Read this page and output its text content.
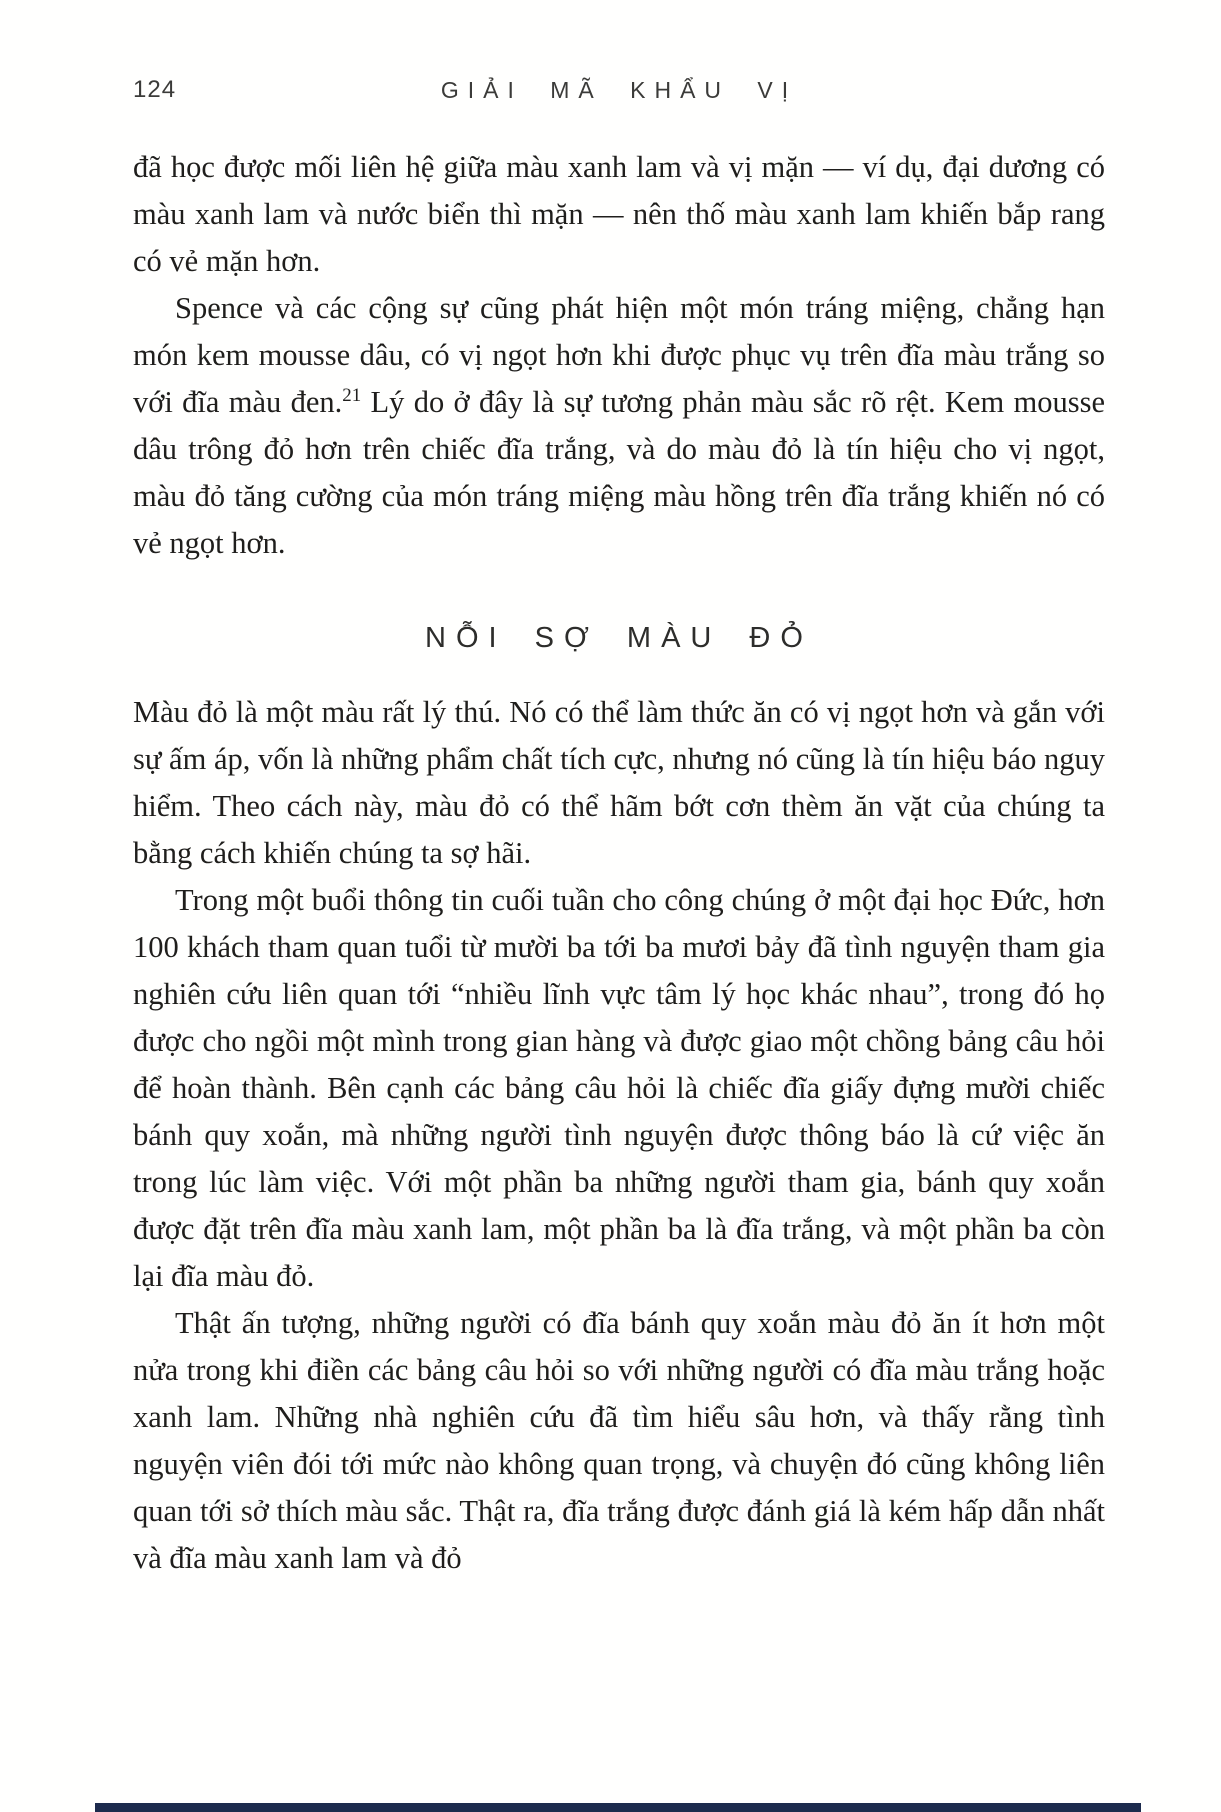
124	GIẢI MÃ KHẨU VỊ

đã học được mối liên hệ giữa màu xanh lam và vị mặn — ví dụ, đại dương có màu xanh lam và nước biển thì mặn — nên thố màu xanh lam khiến bắp rang có vẻ mặn hơn.

Spence và các cộng sự cũng phát hiện một món tráng miệng, chẳng hạn món kem mousse dâu, có vị ngọt hơn khi được phục vụ trên đĩa màu trắng so với đĩa màu đen.$^{21}$ Lý do ở đây là sự tương phản màu sắc rõ rệt. Kem mousse dâu trông đỏ hơn trên chiếc đĩa trắng, và do màu đỏ là tín hiệu cho vị ngọt, màu đỏ tăng cường của món tráng miệng màu hồng trên đĩa trắng khiến nó có vẻ ngọt hơn.

NỖI SỢ MÀU ĐỎ

Màu đỏ là một màu rất lý thú. Nó có thể làm thức ăn có vị ngọt hơn và gắn với sự ấm áp, vốn là những phẩm chất tích cực, nhưng nó cũng là tín hiệu báo nguy hiểm. Theo cách này, màu đỏ có thể hãm bớt cơn thèm ăn vặt của chúng ta bằng cách khiến chúng ta sợ hãi.

Trong một buổi thông tin cuối tuần cho công chúng ở một đại học Đức, hơn 100 khách tham quan tuổi từ mười ba tới ba mươi bảy đã tình nguyện tham gia nghiên cứu liên quan tới “nhiều lĩnh vực tâm lý học khác nhau”, trong đó họ được cho ngồi một mình trong gian hàng và được giao một chồng bảng câu hỏi để hoàn thành. Bên cạnh các bảng câu hỏi là chiếc đĩa giấy đựng mười chiếc bánh quy xoắn, mà những người tình nguyện được thông báo là cứ việc ăn trong lúc làm việc. Với một phần ba những người tham gia, bánh quy xoắn được đặt trên đĩa màu xanh lam, một phần ba là đĩa trắng, và một phần ba còn lại đĩa màu đỏ.

Thật ấn tượng, những người có đĩa bánh quy xoắn màu đỏ ăn ít hơn một nửa trong khi điền các bảng câu hỏi so với những người có đĩa màu trắng hoặc xanh lam. Những nhà nghiên cứu đã tìm hiểu sâu hơn, và thấy rằng tình nguyện viên đói tới mức nào không quan trọng, và chuyện đó cũng không liên quan tới sở thích màu sắc. Thật ra, đĩa trắng được đánh giá là kém hấp dẫn nhất và đĩa màu xanh lam và đỏ
